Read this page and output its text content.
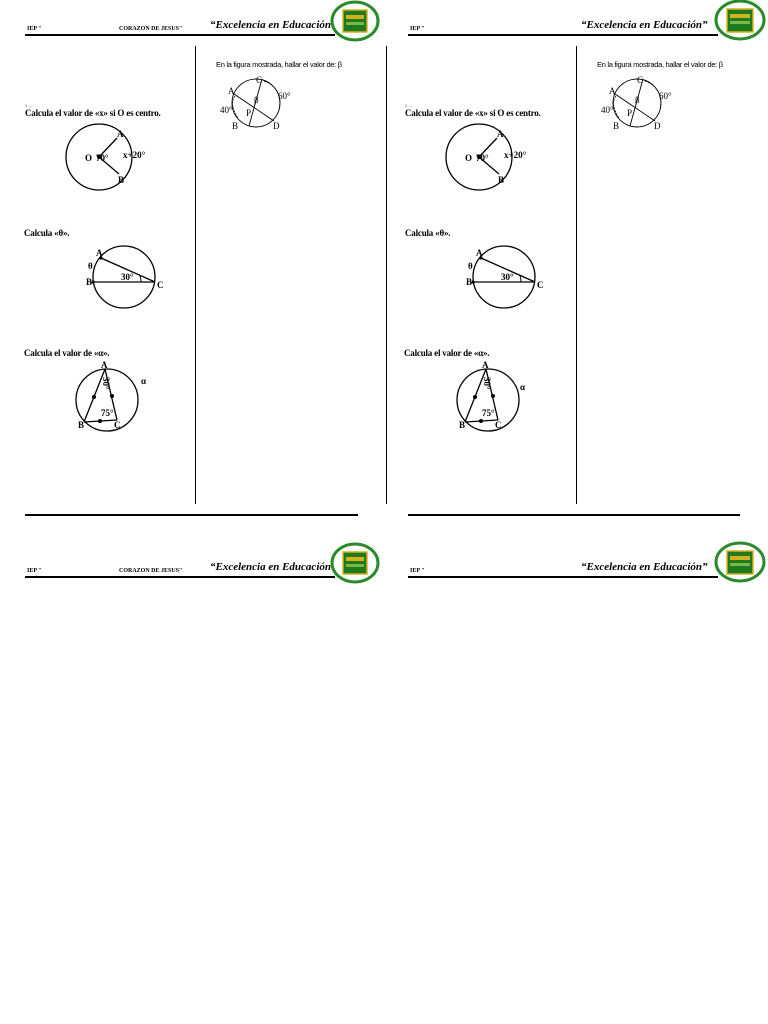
IEP "	CORAZON DE JESUS"	“Excelencia en Educación
3.—
Calcula el valor de «x» si O es centro.
A
B
O 70° x+20°
Calcula «θ».
A
B	C
θ
30°
Calcula el valor de «α».
A
B	C
α
30°
75°
En la figura mostrada, hallar el valor de: β
C
A
B	D
P
β
40°
60°
IEP "	“Excelencia en Educación”
3.—
Calcula el valor de «x» si O es centro.
A
B
O 70° x+20°
Calcula «θ».
A
B	C
θ
30°
Calcula el valor de «α».
A
B	C
α
30°
75°
En la figura mostrada, hallar el valor de: β
C
A
B	D
P
β
40°
60°
IEP "	CORAZON DE JESUS"	“Excelencia en Educación	IEP "	“Excelencia en Educación”
